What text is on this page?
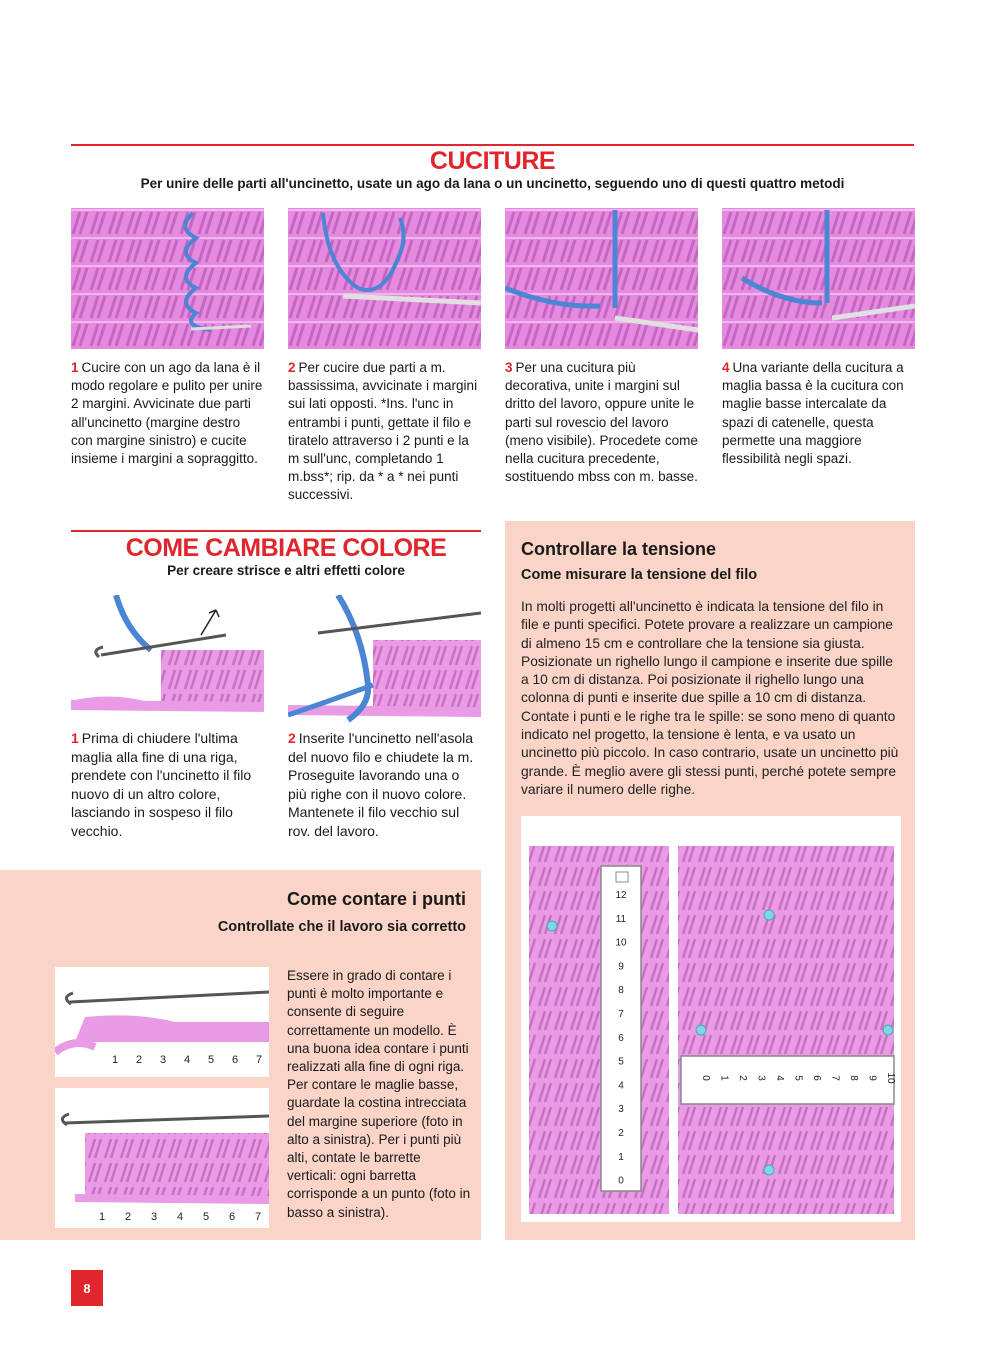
CUCITURE
Per unire delle parti all'uncinetto, usate un ago da lana o un uncinetto, seguendo uno di questi quattro metodi
1 Cucire con un ago da lana è il modo regolare e pulito per unire 2 margini. Avvicinate due parti all'uncinetto (margine destro con margine sinistro) e cucite insieme i margini a sopraggitto.
2 Per cucire due parti a m. bassissima, avvicinate i margini sui lati opposti. *Ins. l'unc in entrambi i punti, gettate il filo e tiratelo attraverso i 2 punti e la m sull'unc, completando 1 m.bss*; rip. da * a * nei punti successivi.
3 Per una cucitura più decorativa, unite i margini sul dritto del lavoro, oppure unite le parti sul rovescio del lavoro (meno visibile). Procedete come nella cucitura precedente, sostituendo mbss con m. basse.
4 Una variante della cucitura a maglia bassa è la cucitura con maglie basse intercalate da spazi di catenelle, questa permette una maggiore flessibilità negli spazi.
COME CAMBIARE COLORE
Per creare strisce e altri effetti colore
1 Prima di chiudere l'ultima maglia alla fine di una riga, prendete con l'uncinetto il filo nuovo di un altro colore, lasciando in sospeso il filo vecchio.
2 Inserite l'uncinetto nell'asola del nuovo filo e chiudete la m. Proseguite lavorando una o più righe con il nuovo colore. Mantenete il filo vecchio sul rov. del lavoro.
Controllare la tensione
Come misurare la tensione del filo
In molti progetti all'uncinetto è indicata la tensione del filo in file e punti specifici. Potete provare a realizzare un campione di almeno 15 cm e controllare che la tensione sia giusta. Posizionate un righello lungo il campione e inserite due spille a 10 cm di distanza. Poi posizionate il righello lungo una colonna di punti e inserite due spille a 10 cm di distanza. Contate i punti e le righe tra le spille: se sono meno di quanto indicato nel progetto, la tensione è lenta, e va usato un uncinetto più piccolo. In caso contrario, usate un uncinetto più grande. È meglio avere gli stessi punti, perché potete sempre variare il numero delle righe.
12
11
10
9
8
7
6
5
4
3
2
1
0
0 1 2 3 4 5 6 7 8 9 10
Come contare i punti
Controllate che il lavoro sia corretto
1 2 3 4 5 6 7
1 2 3 4 5 6 7
Essere in grado di contare i punti è molto importante e consente di seguire correttamente un modello. È una buona idea contare i punti realizzati alla fine di ogni riga. Per contare le maglie basse, guardate la costina intrecciata del margine superiore (foto in alto a sinistra). Per i punti più alti, contate le barrette verticali: ogni barretta corrisponde a un punto (foto in basso a sinistra).
8
